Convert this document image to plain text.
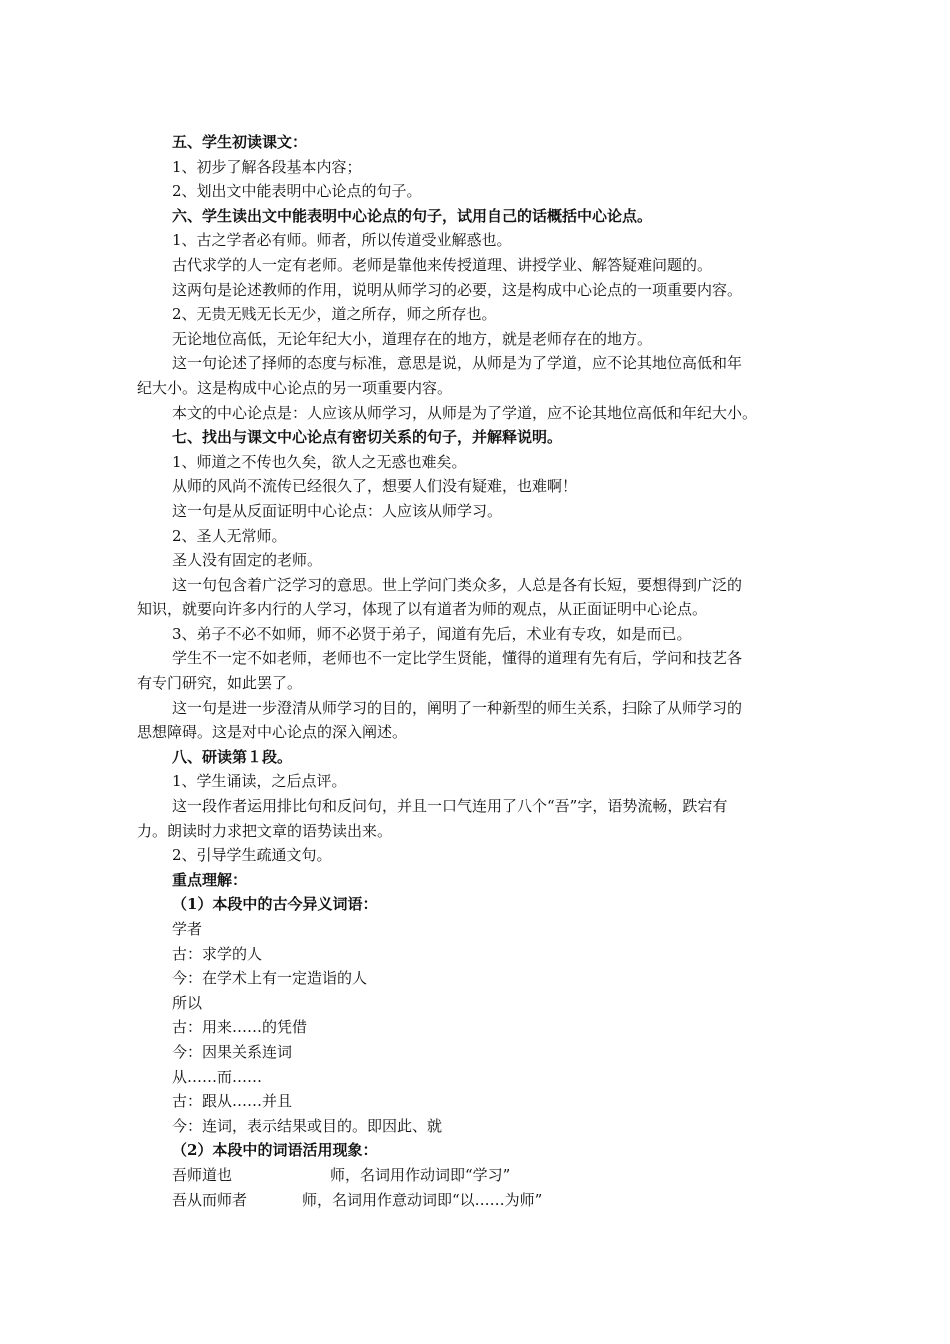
五、学生初读课文：
1、初步了解各段基本内容；
2、划出文中能表明中心论点的句子。
六、学生读出文中能表明中心论点的句子，试用自己的话概括中心论点。
1、古之学者必有师。师者，所以传道受业解惑也。
古代求学的人一定有老师。老师是靠他来传授道理、讲授学业、解答疑难问题的。
这两句是论述教师的作用，说明从师学习的必要，这是构成中心论点的一项重要内容。
2、无贵无贱无长无少，道之所存，师之所存也。
无论地位高低，无论年纪大小，道理存在的地方，就是老师存在的地方。
这一句论述了择师的态度与标准，意思是说，从师是为了学道，应不论其地位高低和年
纪大小。这是构成中心论点的另一项重要内容。
本文的中心论点是：人应该从师学习，从师是为了学道，应不论其地位高低和年纪大小。
七、找出与课文中心论点有密切关系的句子，并解释说明。
1、师道之不传也久矣，欲人之无惑也难矣。
从师的风尚不流传已经很久了，想要人们没有疑难，也难啊！
这一句是从反面证明中心论点：人应该从师学习。
2、圣人无常师。
圣人没有固定的老师。
这一句包含着广泛学习的意思。世上学问门类众多，人总是各有长短，要想得到广泛的
知识，就要向许多内行的人学习，体现了以有道者为师的观点，从正面证明中心论点。
3、弟子不必不如师，师不必贤于弟子，闻道有先后，术业有专攻，如是而已。
学生不一定不如老师，老师也不一定比学生贤能，懂得的道理有先有后，学问和技艺各
有专门研究，如此罢了。
这一句是进一步澄清从师学习的目的，阐明了一种新型的师生关系，扫除了从师学习的
思想障碍。这是对中心论点的深入阐述。
八、研读第１段。
1、学生诵读，之后点评。
这一段作者运用排比句和反问句，并且一口气连用了八个“吾”字，语势流畅，跌宕有
力。朗读时力求把文章的语势读出来。
2、引导学生疏通文句。
重点理解：
（1）本段中的古今异义词语：
学者
古：求学的人
今：在学术上有一定造诣的人
所以
古：用来……的凭借
今：因果关系连词
从……而……
古：跟从……并且
今：连词，表示结果或目的。即因此、就
（2）本段中的词语活用现象：
吾师道也	师，名词用作动词即“学习”
吾从而师者	师，名词用作意动词即“以……为师”
